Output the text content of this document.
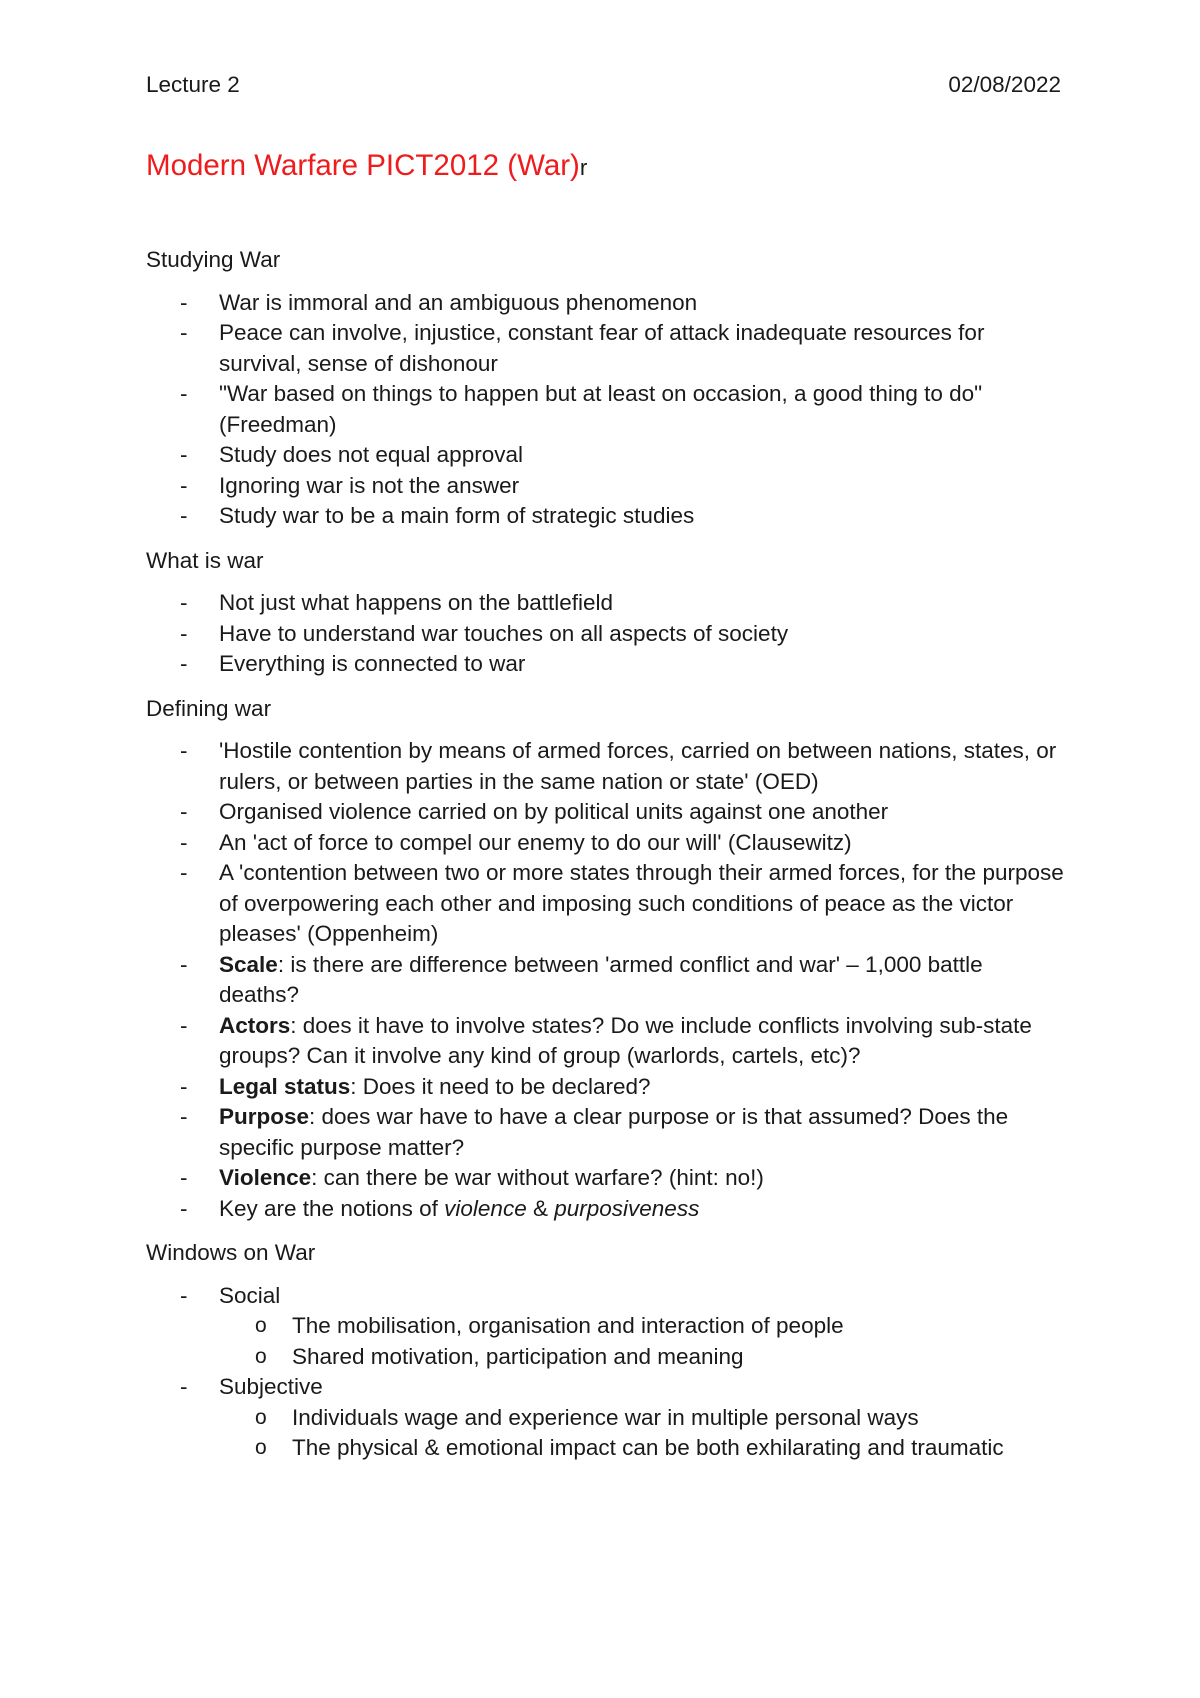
Lecture 2	02/08/2022
Modern Warfare PICT2012 (War)r

Studying War

- War is immoral and an ambiguous phenomenon
- Peace can involve, injustice, constant fear of attack inadequate resources for survival, sense of dishonour
- "War based on things to happen but at least on occasion, a good thing to do" (Freedman)
- Study does not equal approval
- Ignoring war is not the answer
- Study war to be a main form of strategic studies

What is war

- Not just what happens on the battlefield
- Have to understand war touches on all aspects of society
- Everything is connected to war

Defining war

- 'Hostile contention by means of armed forces, carried on between nations, states, or rulers, or between parties in the same nation or state' (OED)
- Organised violence carried on by political units against one another
- An 'act of force to compel our enemy to do our will' (Clausewitz)
- A 'contention between two or more states through their armed forces, for the purpose of overpowering each other and imposing such conditions of peace as the victor pleases' (Oppenheim)
- Scale: is there are difference between 'armed conflict and war' – 1,000 battle deaths?
- Actors: does it have to involve states? Do we include conflicts involving sub-state groups? Can it involve any kind of group (warlords, cartels, etc)?
- Legal status: Does it need to be declared?
- Purpose: does war have to have a clear purpose or is that assumed? Does the specific purpose matter?
- Violence: can there be war without warfare? (hint: no!)
- Key are the notions of violence & purposiveness

Windows on War

- Social
o The mobilisation, organisation and interaction of people
o Shared motivation, participation and meaning
- Subjective
o Individuals wage and experience war in multiple personal ways
o The physical & emotional impact can be both exhilarating and traumatic
